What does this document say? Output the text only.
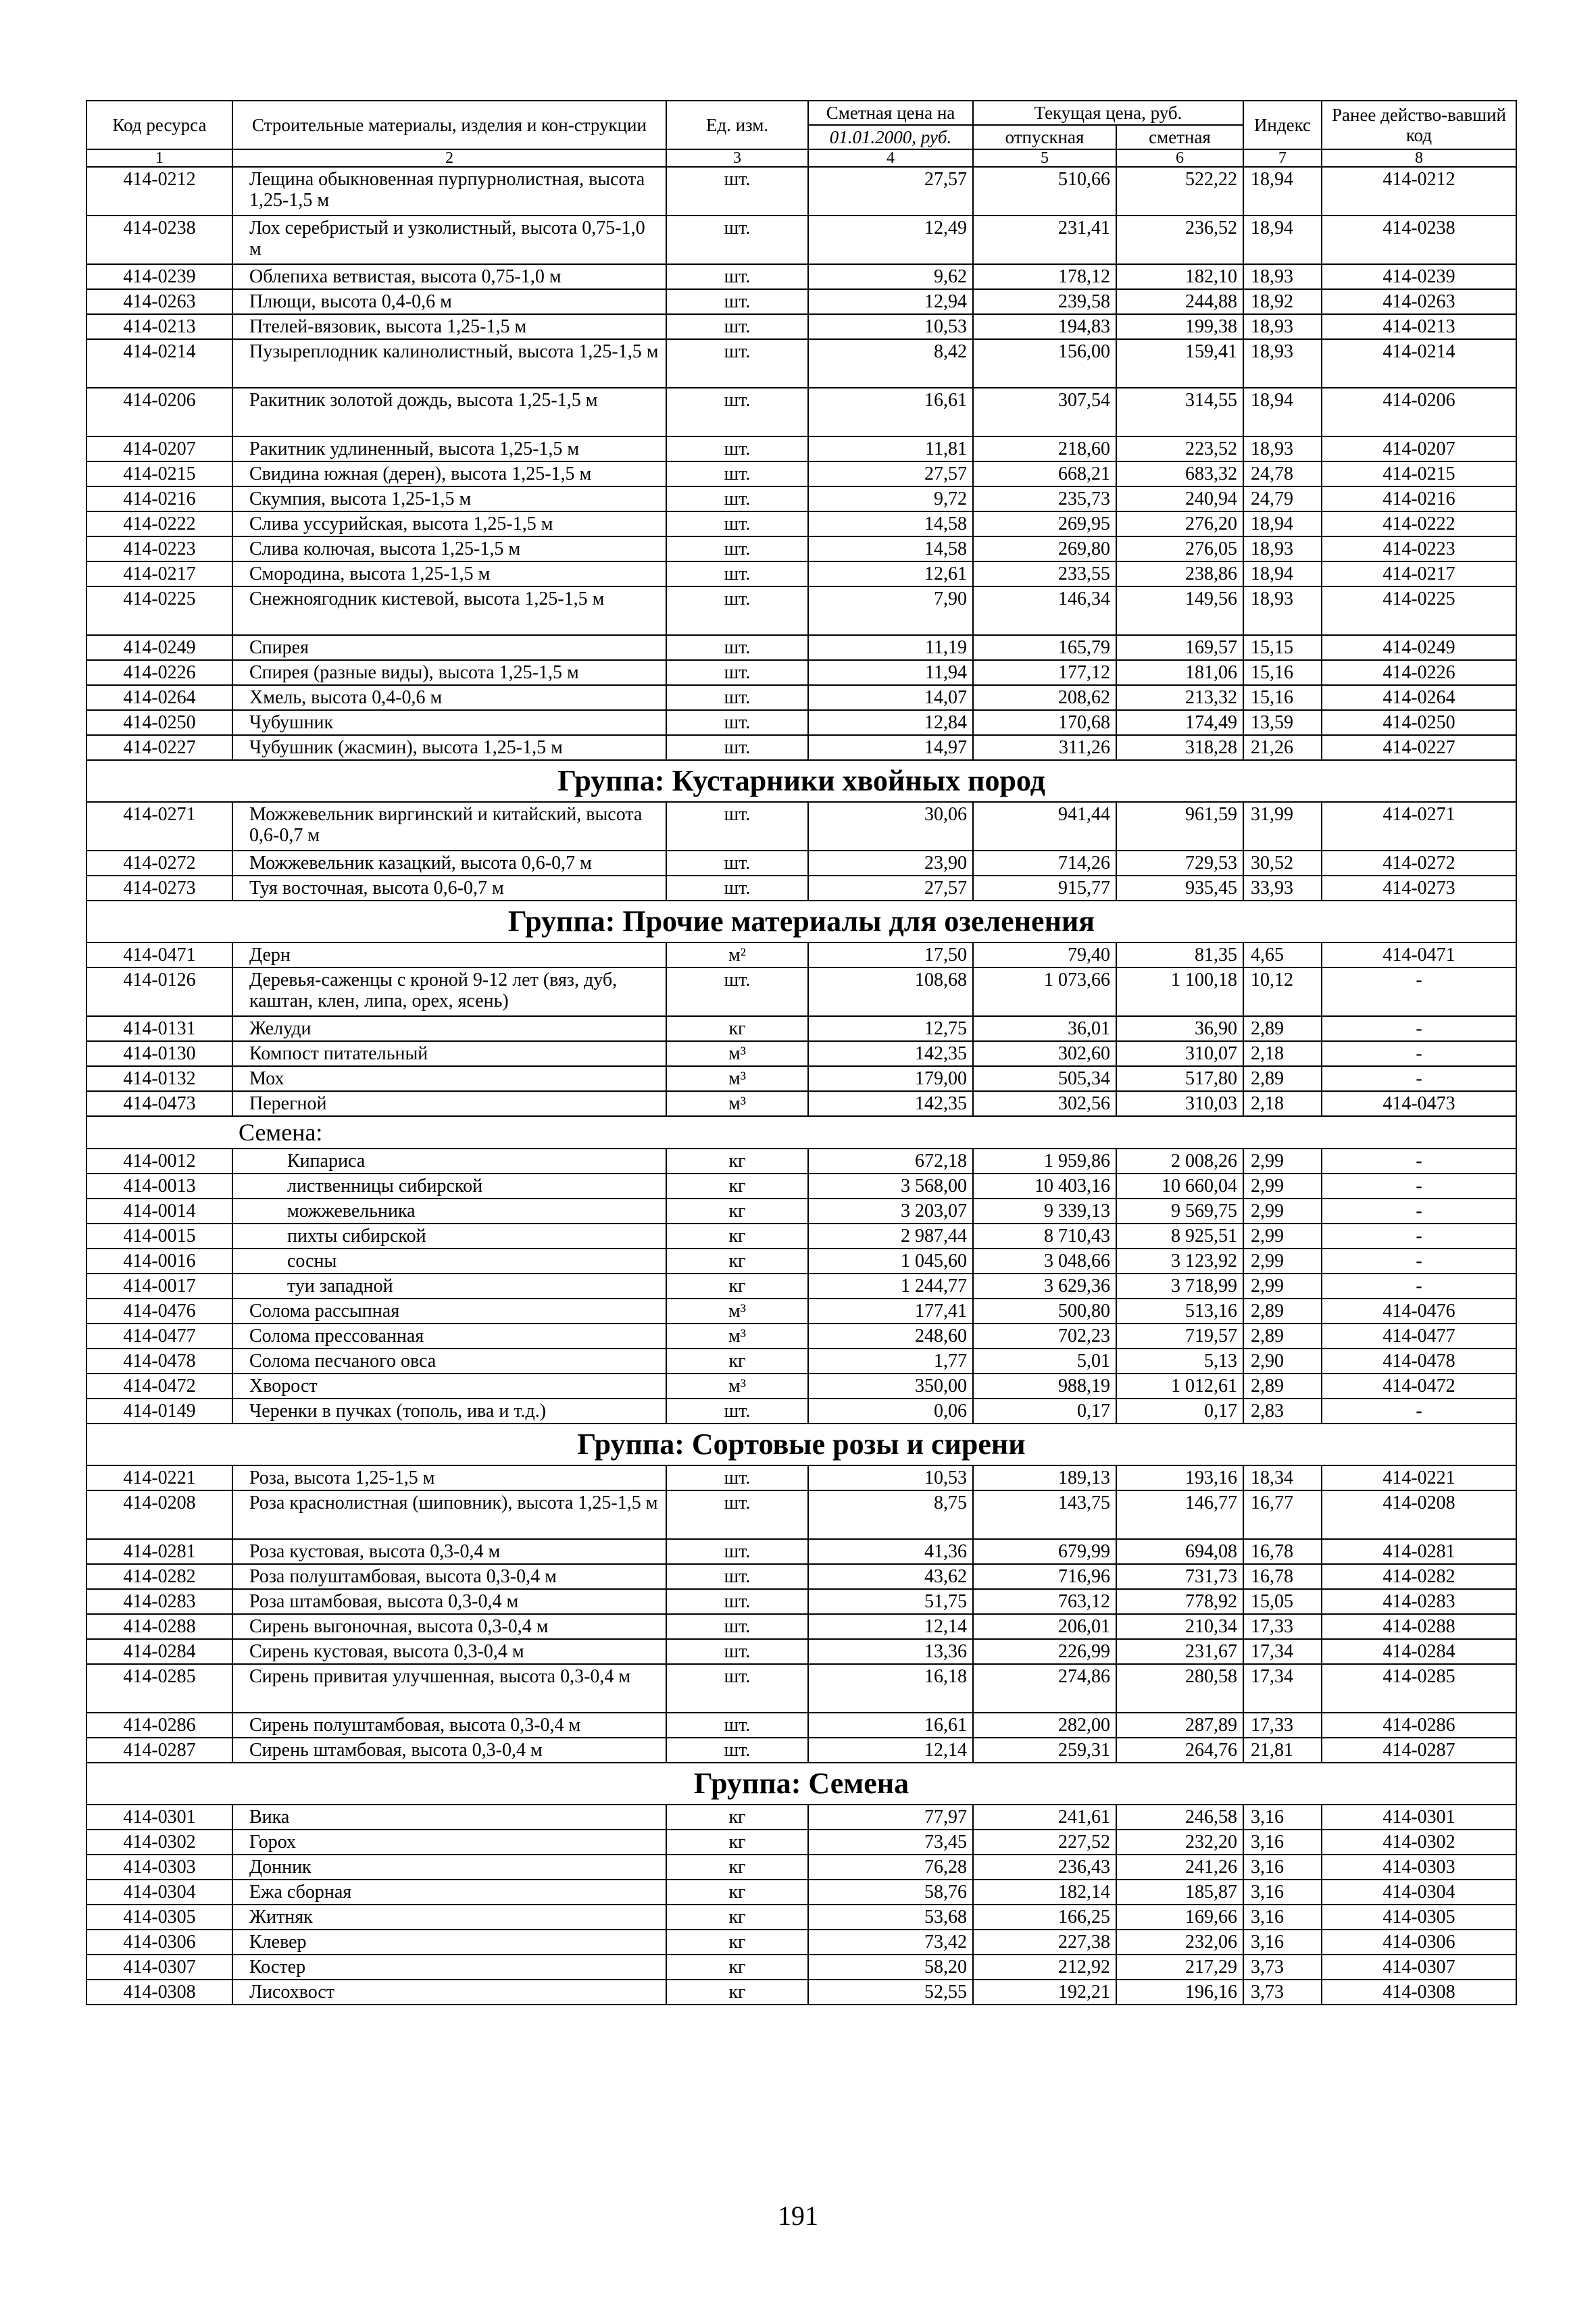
Код ресурса	Строительные материалы, изделия и кон-струкции	Ед. изм.	Сметная цена на	Текущая цена, руб.		Индекс	Ранее действо-вавший код
			01.01.2000, руб.	отпускная	сметная		
1	2	3	4	5	6	7	8
414-0212	Лещина обыкновенная пурпурнолистная, высота 1,25-1,5 м	шт.	27,57	510,66	522,22	18,94	414-0212
414-0238	Лох серебристый и узколистный, высота 0,75-1,0 м	шт.	12,49	231,41	236,52	18,94	414-0238
414-0239	Облепиха ветвистая, высота 0,75-1,0 м	шт.	9,62	178,12	182,10	18,93	414-0239
414-0263	Плющи, высота 0,4-0,6 м	шт.	12,94	239,58	244,88	18,92	414-0263
414-0213	Птелей-вязовик, высота 1,25-1,5 м	шт.	10,53	194,83	199,38	18,93	414-0213
414-0214	Пузыреплодник калинолистный, высота 1,25-1,5 м	шт.	8,42	156,00	159,41	18,93	414-0214
414-0206	Ракитник золотой дождь, высота 1,25-1,5 м	шт.	16,61	307,54	314,55	18,94	414-0206
414-0207	Ракитник удлиненный, высота 1,25-1,5 м	шт.	11,81	218,60	223,52	18,93	414-0207
414-0215	Свидина южная (дерен), высота 1,25-1,5 м	шт.	27,57	668,21	683,32	24,78	414-0215
414-0216	Скумпия, высота 1,25-1,5 м	шт.	9,72	235,73	240,94	24,79	414-0216
414-0222	Слива уссурийская, высота 1,25-1,5 м	шт.	14,58	269,95	276,20	18,94	414-0222
414-0223	Слива колючая, высота 1,25-1,5 м	шт.	14,58	269,80	276,05	18,93	414-0223
414-0217	Смородина, высота 1,25-1,5 м	шт.	12,61	233,55	238,86	18,94	414-0217
414-0225	Снежноягодник кистевой, высота 1,25-1,5 м	шт.	7,90	146,34	149,56	18,93	414-0225
414-0249	Спирея	шт.	11,19	165,79	169,57	15,15	414-0249
414-0226	Спирея (разные виды), высота 1,25-1,5 м	шт.	11,94	177,12	181,06	15,16	414-0226
414-0264	Хмель, высота 0,4-0,6 м	шт.	14,07	208,62	213,32	15,16	414-0264
414-0250	Чубушник	шт.	12,84	170,68	174,49	13,59	414-0250
414-0227	Чубушник (жасмин), высота 1,25-1,5 м	шт.	14,97	311,26	318,28	21,26	414-0227
Группа: Кустарники хвойных пород							
414-0271	Можжевельник виргинский и китайский, высота 0,6-0,7 м	шт.	30,06	941,44	961,59	31,99	414-0271
414-0272	Можжевельник казацкий, высота 0,6-0,7 м	шт.	23,90	714,26	729,53	30,52	414-0272
414-0273	Туя восточная, высота 0,6-0,7 м	шт.	27,57	915,77	935,45	33,93	414-0273
Группа: Прочие материалы для озеленения							
414-0471	Дерн	м²	17,50	79,40	81,35	4,65	414-0471
414-0126	Деревья-саженцы с кроной 9-12 лет (вяз, дуб, каштан, клен, липа, орех, ясень)	шт.	108,68	1 073,66	1 100,18	10,12	-
414-0131	Желуди	кг	12,75	36,01	36,90	2,89	-
414-0130	Компост питательный	м³	142,35	302,60	310,07	2,18	-
414-0132	Мох	м³	179,00	505,34	517,80	2,89	-
414-0473	Перегной	м³	142,35	302,56	310,03	2,18	414-0473
Семена:							
414-0012	Кипариса	кг	672,18	1 959,86	2 008,26	2,99	-
414-0013	лиственницы сибирской	кг	3 568,00	10 403,16	10 660,04	2,99	-
414-0014	можжевельника	кг	3 203,07	9 339,13	9 569,75	2,99	-
414-0015	пихты сибирской	кг	2 987,44	8 710,43	8 925,51	2,99	-
414-0016	сосны	кг	1 045,60	3 048,66	3 123,92	2,99	-
414-0017	туи западной	кг	1 244,77	3 629,36	3 718,99	2,99	-
414-0476	Солома рассыпная	м³	177,41	500,80	513,16	2,89	414-0476
414-0477	Солома прессованная	м³	248,60	702,23	719,57	2,89	414-0477
414-0478	Солома песчаного овса	кг	1,77	5,01	5,13	2,90	414-0478
414-0472	Хворост	м³	350,00	988,19	1 012,61	2,89	414-0472
414-0149	Черенки в пучках (тополь, ива и т.д.)	шт.	0,06	0,17	0,17	2,83	-
Группа: Сортовые розы и сирени							
414-0221	Роза, высота 1,25-1,5 м	шт.	10,53	189,13	193,16	18,34	414-0221
414-0208	Роза краснолистная (шиповник), высота 1,25-1,5 м	шт.	8,75	143,75	146,77	16,77	414-0208
414-0281	Роза кустовая, высота 0,3-0,4 м	шт.	41,36	679,99	694,08	16,78	414-0281
414-0282	Роза полуштамбовая, высота 0,3-0,4 м	шт.	43,62	716,96	731,73	16,78	414-0282
414-0283	Роза штамбовая, высота 0,3-0,4 м	шт.	51,75	763,12	778,92	15,05	414-0283
414-0288	Сирень выгоночная, высота 0,3-0,4 м	шт.	12,14	206,01	210,34	17,33	414-0288
414-0284	Сирень кустовая, высота 0,3-0,4 м	шт.	13,36	226,99	231,67	17,34	414-0284
414-0285	Сирень привитая улучшенная, высота 0,3-0,4 м	шт.	16,18	274,86	280,58	17,34	414-0285
414-0286	Сирень полуштамбовая, высота 0,3-0,4 м	шт.	16,61	282,00	287,89	17,33	414-0286
414-0287	Сирень штамбовая, высота 0,3-0,4 м	шт.	12,14	259,31	264,76	21,81	414-0287
Группа: Семена							
414-0301	Вика	кг	77,97	241,61	246,58	3,16	414-0301
414-0302	Горох	кг	73,45	227,52	232,20	3,16	414-0302
414-0303	Донник	кг	76,28	236,43	241,26	3,16	414-0303
414-0304	Ежа сборная	кг	58,76	182,14	185,87	3,16	414-0304
414-0305	Житняк	кг	53,68	166,25	169,66	3,16	414-0305
414-0306	Клевер	кг	73,42	227,38	232,06	3,16	414-0306
414-0307	Костер	кг	58,20	212,92	217,29	3,73	414-0307
414-0308	Лисохвост	кг	52,55	192,21	196,16	3,73	414-0308
191
